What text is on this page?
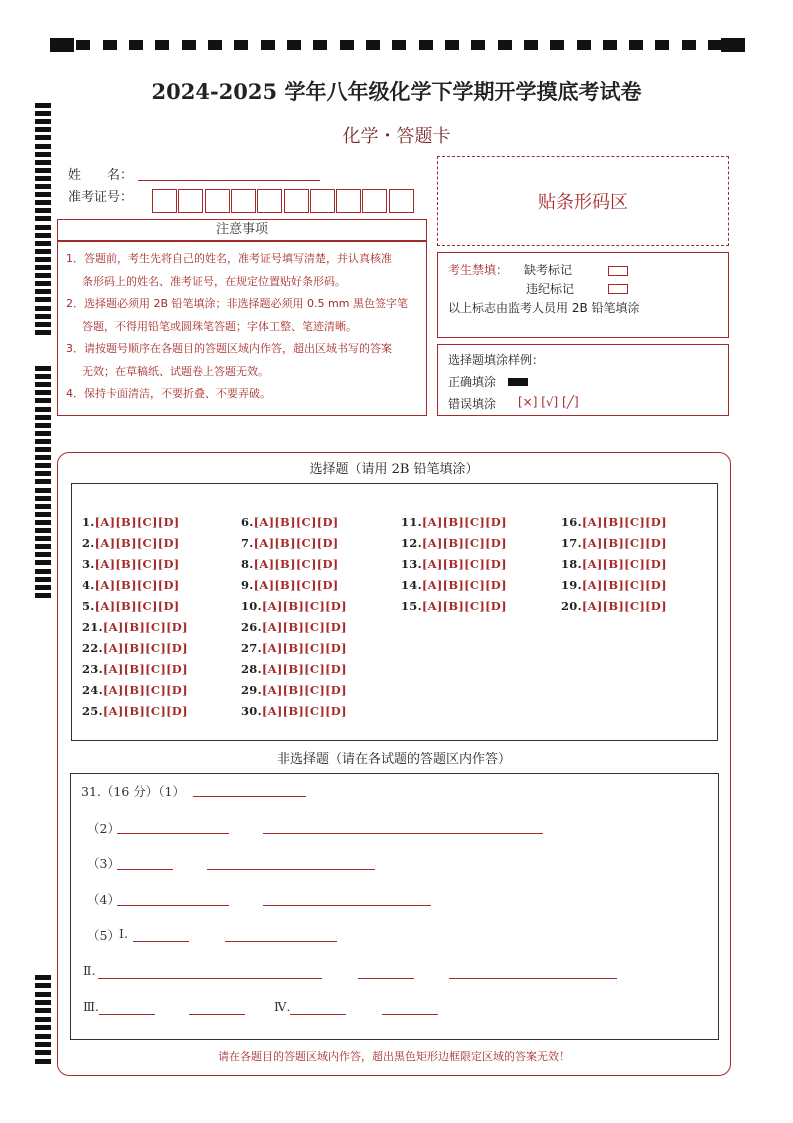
2024-2025 学年八年级化学下学期开学摸底考试卷
化学・答题卡
姓　　名：
准考证号：	贴条形码区
注意事项
1．答题前，考生先将自己的姓名，准考证号填写清楚，并认真核准
条形码上的姓名、准考证号，在规定位置贴好条形码。
2．选择题必须用 2B 铅笔填涂；非选择题必须用 0.5 mm 黑色签字笔
答题，不得用铅笔或圆珠笔答题；字体工整、笔迹清晰。
3．请按题号顺序在各题目的答题区域内作答，超出区域书写的答案
无效；在草稿纸、试题卷上答题无效。
4．保持卡面清洁，不要折叠、不要弄破。
考生禁填： 缺考标记
违纪标记
以上标志由监考人员用 2B 铅笔填涂
选择题填涂样例：
正确填涂
错误填涂 [×] [√] [╱]
选择题（请用 2B 铅笔填涂）
1.[A][B][C][D]
2.[A][B][C][D]
3.[A][B][C][D]
4.[A][B][C][D]
5.[A][B][C][D]
6.[A][B][C][D]
7.[A][B][C][D]
8.[A][B][C][D]
9.[A][B][C][D]
10.[A][B][C][D]
11.[A][B][C][D]
12.[A][B][C][D]
13.[A][B][C][D]
14.[A][B][C][D]
15.[A][B][C][D]
16.[A][B][C][D]
17.[A][B][C][D]
18.[A][B][C][D]
19.[A][B][C][D]
20.[A][B][C][D]
21.[A][B][C][D]
22.[A][B][C][D]
23.[A][B][C][D]
24.[A][B][C][D]
25.[A][B][C][D]
26.[A][B][C][D]
27.[A][B][C][D]
28.[A][B][C][D]
29.[A][B][C][D]
30.[A][B][C][D]
非选择题（请在各试题的答题区内作答）
31.（16 分）（1）
（2）
（3）
（4）
（5） Ⅰ.
Ⅱ.
Ⅲ.	Ⅳ.
请在各题目的答题区域内作答，超出黑色矩形边框限定区域的答案无效！
